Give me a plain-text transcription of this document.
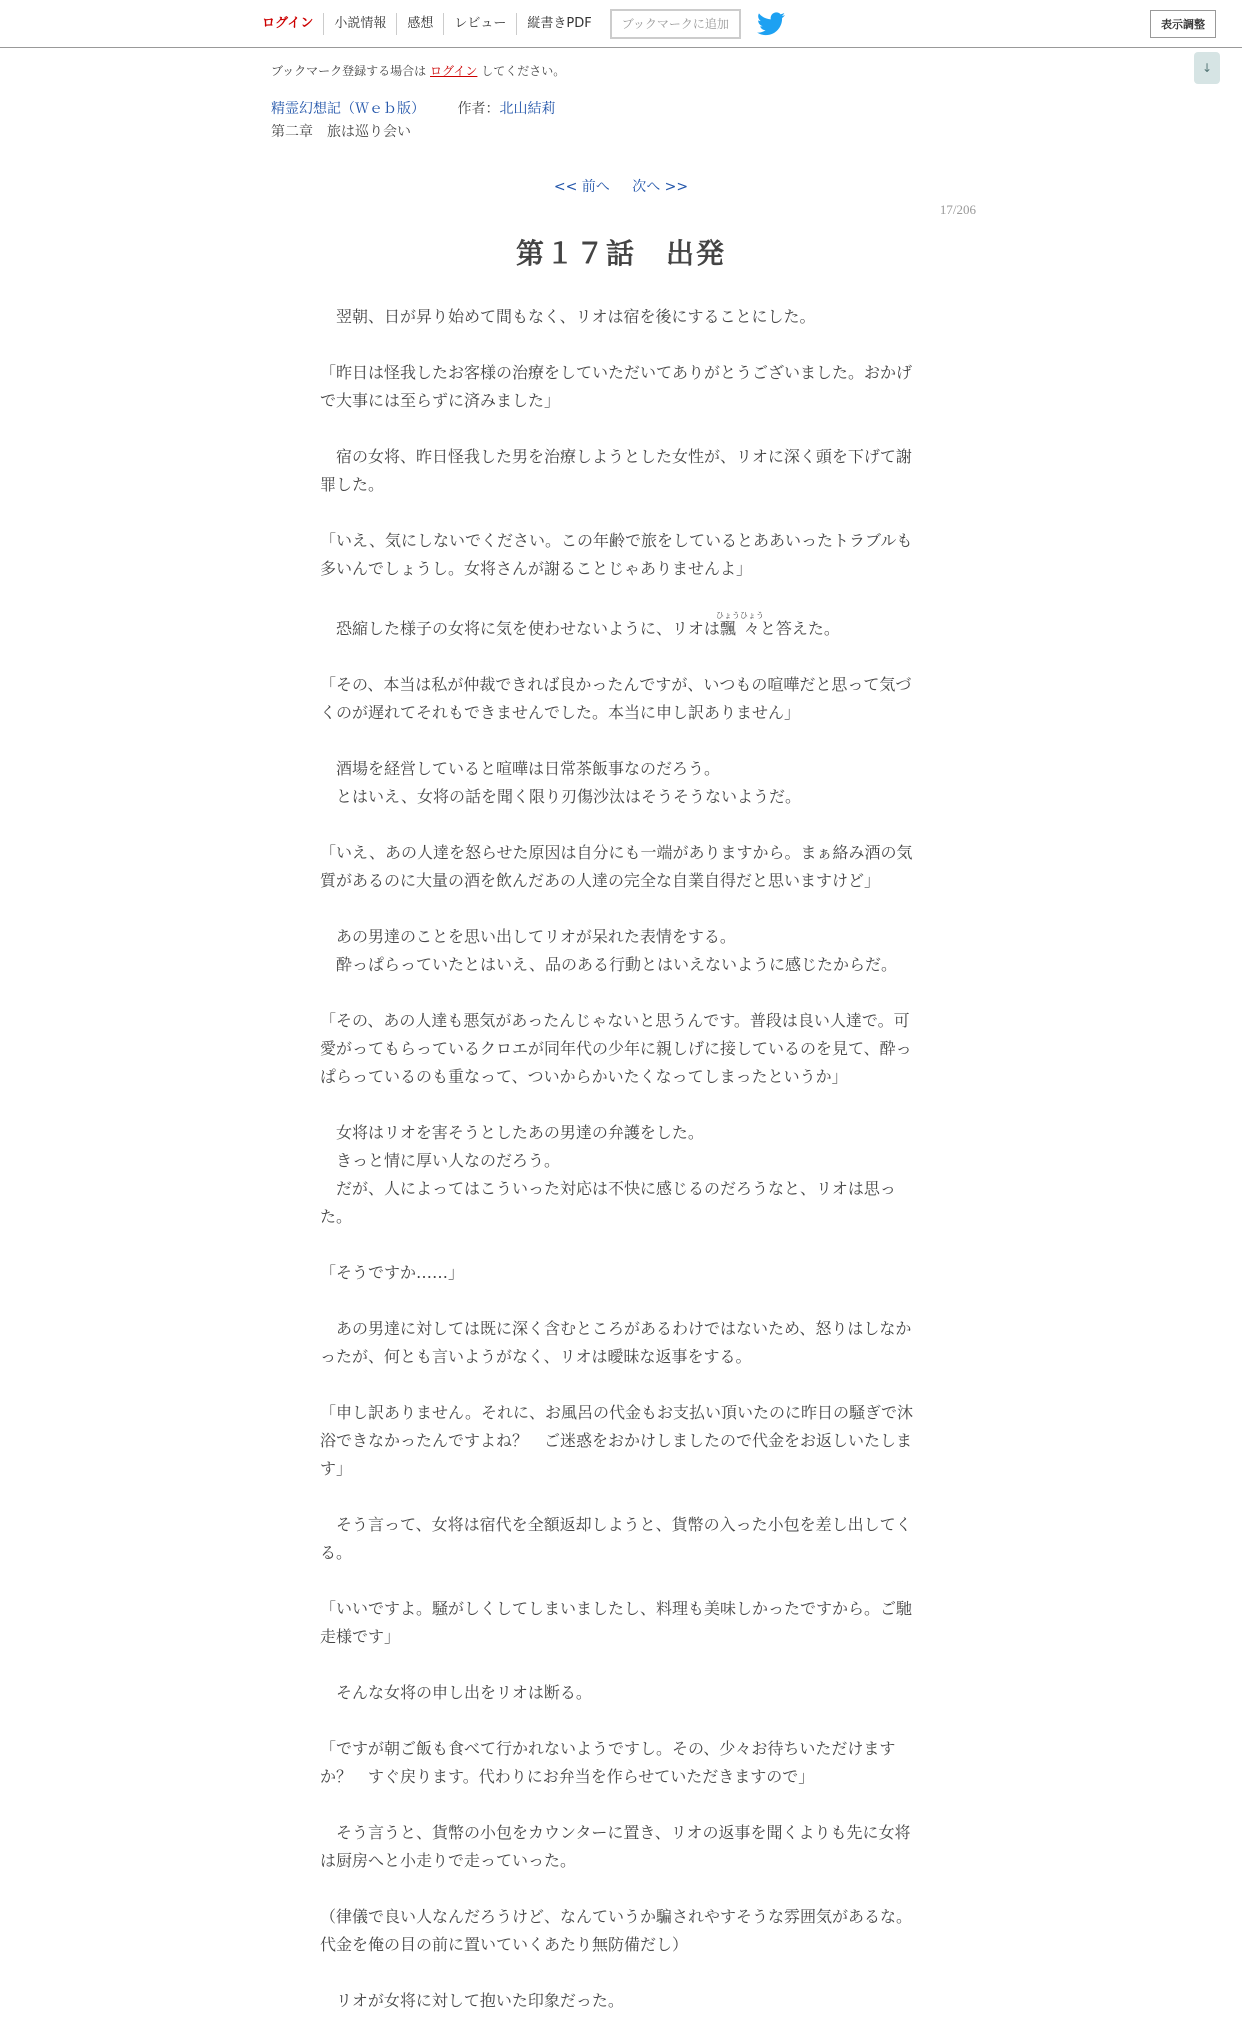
ログイン	小説情報	感想	レビュー	縦書きPDF	ブックマークに追加	表示調整
↓
ブックマーク登録する場合は ログイン してください。
精霊幻想記（Ｗｅｂ版） 作者：北山結莉
第二章　旅は巡り会い
<< 前へ 次へ >>
17/206
第１７話　出発
　翌朝、日が昇り始めて間もなく、リオは宿を後にすることにした。
「昨日は怪我したお客様の治療をしていただいてありがとうございました。おかげで大事には至らずに済みました」
　宿の女将、昨日怪我した男を治療しようとした女性が、リオに深く頭を下げて謝罪した。
「いえ、気にしないでください。この年齢で旅をしているとああいったトラブルも多いんでしょうし。女将さんが謝ることじゃありませんよ」
　恐縮した様子の女将に気を使わせないように、リオは飄々ひょうひょうと答えた。
「その、本当は私が仲裁できれば良かったんですが、いつもの喧嘩だと思って気づくのが遅れてそれもできませんでした。本当に申し訳ありません」
　酒場を経営していると喧嘩は日常茶飯事なのだろう。
　とはいえ、女将の話を聞く限り刃傷沙汰はそうそうないようだ。
「いえ、あの人達を怒らせた原因は自分にも一端がありますから。まぁ絡み酒の気質があるのに大量の酒を飲んだあの人達の完全な自業自得だと思いますけど」
　あの男達のことを思い出してリオが呆れた表情をする。
　酔っぱらっていたとはいえ、品のある行動とはいえないように感じたからだ。
「その、あの人達も悪気があったんじゃないと思うんです。普段は良い人達で。可愛がってもらっているクロエが同年代の少年に親しげに接しているのを見て、酔っぱらっているのも重なって、ついからかいたくなってしまったというか」
　女将はリオを害そうとしたあの男達の弁護をした。
　きっと情に厚い人なのだろう。
　だが、人によってはこういった対応は不快に感じるのだろうなと、リオは思った。
「そうですか……」
　あの男達に対しては既に深く含むところがあるわけではないため、怒りはしなかったが、何とも言いようがなく、リオは曖昧な返事をする。
「申し訳ありません。それに、お風呂の代金もお支払い頂いたのに昨日の騒ぎで沐浴できなかったんですよね？　ご迷惑をおかけしましたので代金をお返しいたします」
　そう言って、女将は宿代を全額返却しようと、貨幣の入った小包を差し出してくる。
「いいですよ。騒がしくしてしまいましたし、料理も美味しかったですから。ご馳走様です」
　そんな女将の申し出をリオは断る。
「ですが朝ご飯も食べて行かれないようですし。その、少々お待ちいただけますか？　すぐ戻ります。代わりにお弁当を作らせていただきますので」
　そう言うと、貨幣の小包をカウンターに置き、リオの返事を聞くよりも先に女将は厨房へと小走りで走っていった。
（律儀で良い人なんだろうけど、なんていうか騙されやすそうな雰囲気があるな。代金を俺の目の前に置いていくあたり無防備だし）
　リオが女将に対して抱いた印象だった。
